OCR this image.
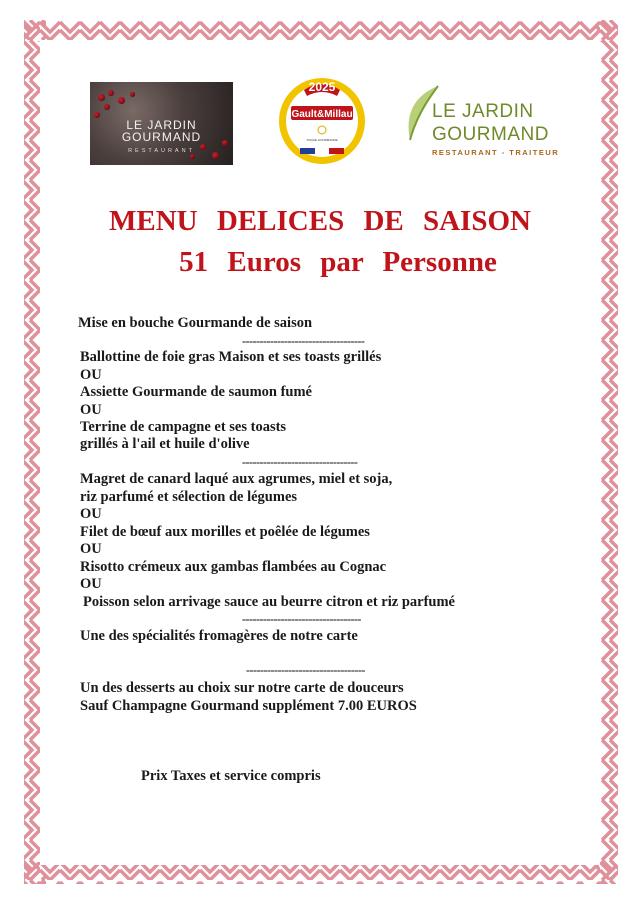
LE JARDIN
GOURMAND
RESTAURANT
2025
Gault&Millau
TOQUE GOURMANDE
LE JARDIN
GOURMAND
RESTAURANT - TRAITEUR
MENU DELICES DE SAISON
51 Euros par Personne
Mise en bouche Gourmande de saison
-----------------------------------
Ballottine de foie gras Maison et ses toasts grillés
OU
Assiette Gourmande de saumon fumé
OU
Terrine de campagne et ses toasts
grillés à l'ail et huile d'olive
---------------------------------
Magret de canard laqué aux agrumes, miel et soja,
riz parfumé et sélection de légumes
OU
Filet de bœuf aux morilles et poêlée de légumes
OU
Risotto crémeux aux gambas flambées au Cognac
OU
Poisson selon arrivage sauce au beurre citron et riz parfumé
----------------------------------
Une des spécialités fromagères de notre carte
----------------------------------
Un des desserts au choix sur notre carte de douceurs
Sauf Champagne Gourmand supplément 7.00 EUROS
Prix Taxes et service compris
